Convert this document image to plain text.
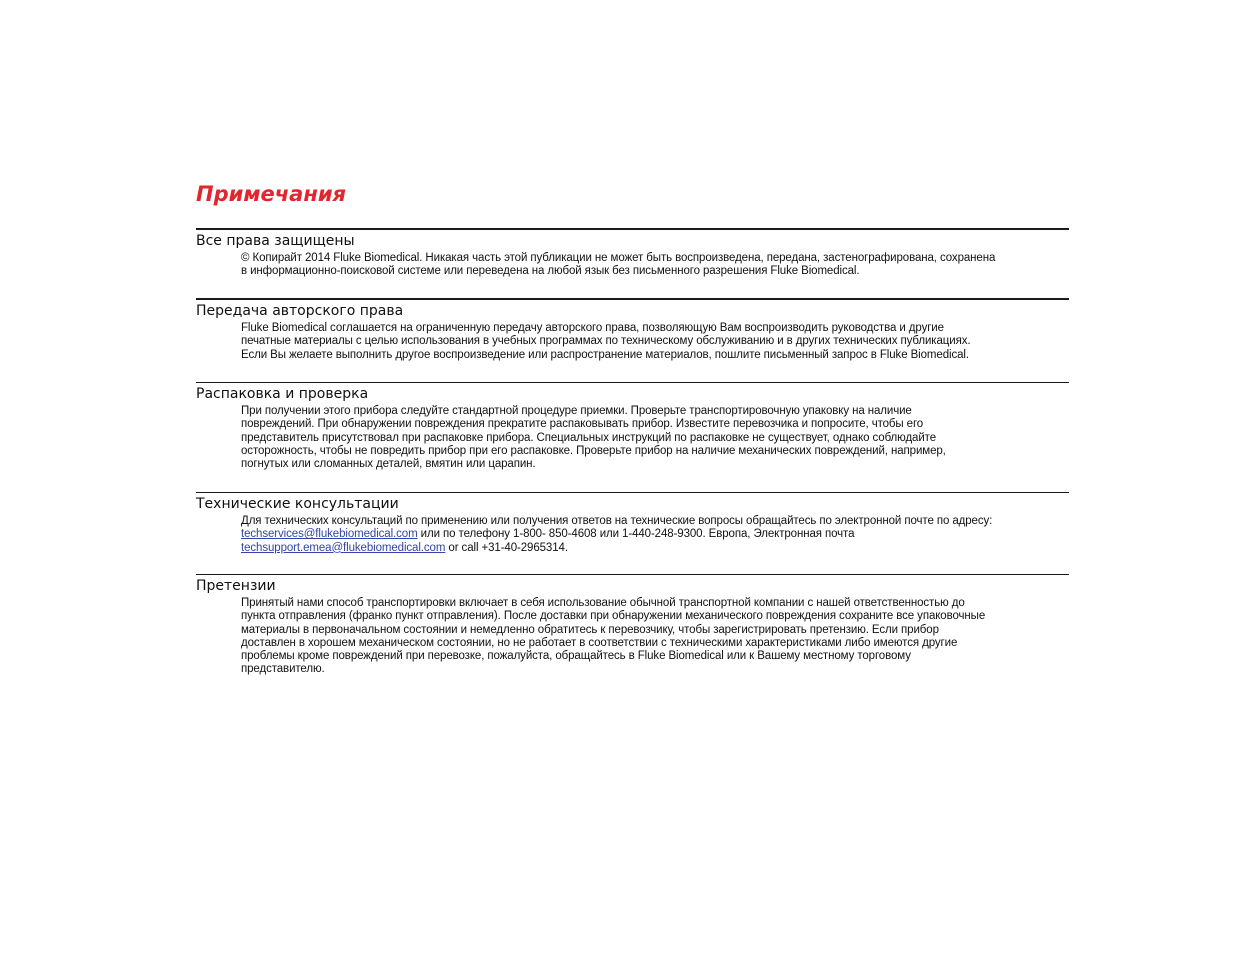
Примечания
Все права защищены

© Копирайт 2014 Fluke Biomedical. Никакая часть этой публикации не может быть воспроизведена, передана, застенографирована, сохранена

в информационно-поисковой системе или переведена на любой язык без письменного разрешения Fluke Biomedical.

Передача авторского права

Fluke Biomedical соглашается на ограниченную передачу авторского права, позволяющую Вам воспроизводить руководства и другие

печатные материалы с целью использования в учебных программах по техническому обслуживанию и в других технических публикациях.

Если Вы желаете выполнить другое воспроизведение или распространение материалов, пошлите письменный запрос в Fluke Biomedical.

Распаковка и проверка

При получении этого прибора следуйте стандартной процедуре приемки. Проверьте транспортировочную упаковку на наличие

повреждений. При обнаружении повреждения прекратите распаковывать прибор. Известите перевозчика и попросите, чтобы его

представитель присутствовал при распаковке прибора. Специальных инструкций по распаковке не существует, однако соблюдайте

осторожность, чтобы не повредить прибор при его распаковке. Проверьте прибор на наличие механических повреждений, например,

погнутых или сломанных деталей, вмятин или царапин.

Технические консультации

Для технических консультаций по применению или получения ответов на технические вопросы обращайтесь по электронной почте по адресу:

techservices@flukebiomedical.com или по телефону 1-800- 850-4608 или 1-440-248-9300. Европа, Электронная почта

techsupport.emea@flukebiomedical.com or call +31-40-2965314.

Претензии

Принятый нами способ транспортировки включает в себя использование обычной транспортной компании с нашей ответственностью до

пункта отправления (франко пункт отправления). После доставки при обнаружении механического повреждения сохраните все упаковочные

материалы в первоначальном состоянии и немедленно обратитесь к перевозчику, чтобы зарегистрировать претензию. Если прибор

доставлен в хорошем механическом состоянии, но не работает в соответствии с техническими характеристиками либо имеются другие

проблемы кроме повреждений при перевозке, пожалуйста, обращайтесь в Fluke Biomedical или к Вашему местному торговому

представителю.
